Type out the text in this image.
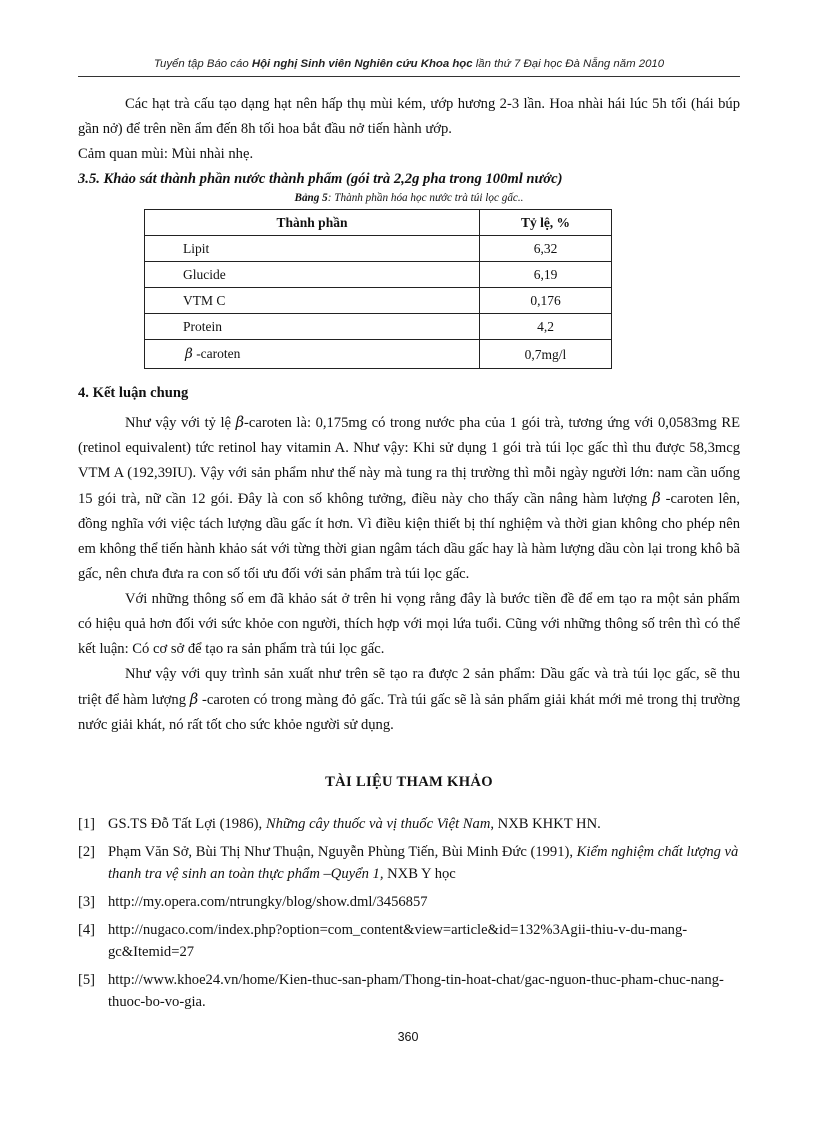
Tuyển tập Báo cáo Hội nghị Sinh viên Nghiên cứu Khoa học lần thứ 7 Đại học Đà Nẵng năm 2010

Các hạt trà cấu tạo dạng hạt nên hấp thụ mùi kém, ướp hương 2-3 lần. Hoa nhài hái lúc 5h tối (hái búp gần nở) để trên nền ẩm đến 8h tối hoa bắt đầu nở tiến hành ướp.

Cảm quan mùi: Mùi nhài nhẹ.

3.5. Khảo sát thành phần nước thành phẩm (gói trà 2,2g pha trong 100ml nước)

Bảng 5: Thành phần hóa học nước trà túi lọc gấc..
Thành phần	Tỷ lệ, %
Lipit	6,32
Glucide	6,19
VTM C	0,176
Protein	4,2
β -caroten	0,7mg/l
4. Kết luận chung

Như vậy với tỷ lệ β-caroten là: 0,175mg có trong nước pha của 1 gói trà, tương ứng với 0,0583mg RE (retinol equivalent) tức retinol hay vitamin A. Như vậy: Khi sử dụng 1 gói trà túi lọc gấc thì thu được 58,3mcg VTM A (192,39IU). Vậy với sản phẩm như thế này mà tung ra thị trường thì mỗi ngày người lớn: nam cần uống 15 gói trà, nữ cần 12 gói. Đây là con số không tưởng, điều này cho thấy cần nâng hàm lượng β -caroten lên, đồng nghĩa với việc tách lượng dầu gấc ít hơn. Vì điều kiện thiết bị thí nghiệm và thời gian không cho phép nên em không thể tiến hành khảo sát với từng thời gian ngâm tách dầu gấc hay là hàm lượng dầu còn lại trong khô bã gấc, nên chưa đưa ra con số tối ưu đối với sản phẩm trà túi lọc gấc.

Với những thông số em đã khảo sát ở trên hi vọng rằng đây là bước tiền đề để em tạo ra một sản phẩm có hiệu quả hơn đối với sức khỏe con người, thích hợp với mọi lứa tuổi. Cũng với những thông số trên thì có thể kết luận: Có cơ sở để tạo ra sản phẩm trà túi lọc gấc.

Như vậy với quy trình sản xuất như trên sẽ tạo ra được 2 sản phẩm: Dầu gấc và trà túi lọc gấc, sẽ thu triệt để hàm lượng β -caroten có trong màng đỏ gấc. Trà túi gấc sẽ là sản phẩm giải khát mới mẻ trong thị trường nước giải khát, nó rất tốt cho sức khỏe người sử dụng.

TÀI LIỆU THAM KHẢO
[1] GS.TS Đỗ Tất Lợi (1986), Những cây thuốc và vị thuốc Việt Nam, NXB KHKT HN.
[2] Phạm Văn Sở, Bùi Thị Như Thuận, Nguyễn Phùng Tiến, Bùi Minh Đức (1991), Kiểm nghiệm chất lượng và thanh tra vệ sinh an toàn thực phẩm –Quyển 1, NXB Y học
[3] http://my.opera.com/ntrungky/blog/show.dml/3456857
[4] http://nugaco.com/index.php?option=com_content&view=article&id=132%3Agii-thiu-v-du-mang-gc&Itemid=27
[5] http://www.khoe24.vn/home/Kien-thuc-san-pham/Thong-tin-hoat-chat/gac-nguon-thuc-pham-chuc-nang-thuoc-bo-vo-gia.
360
